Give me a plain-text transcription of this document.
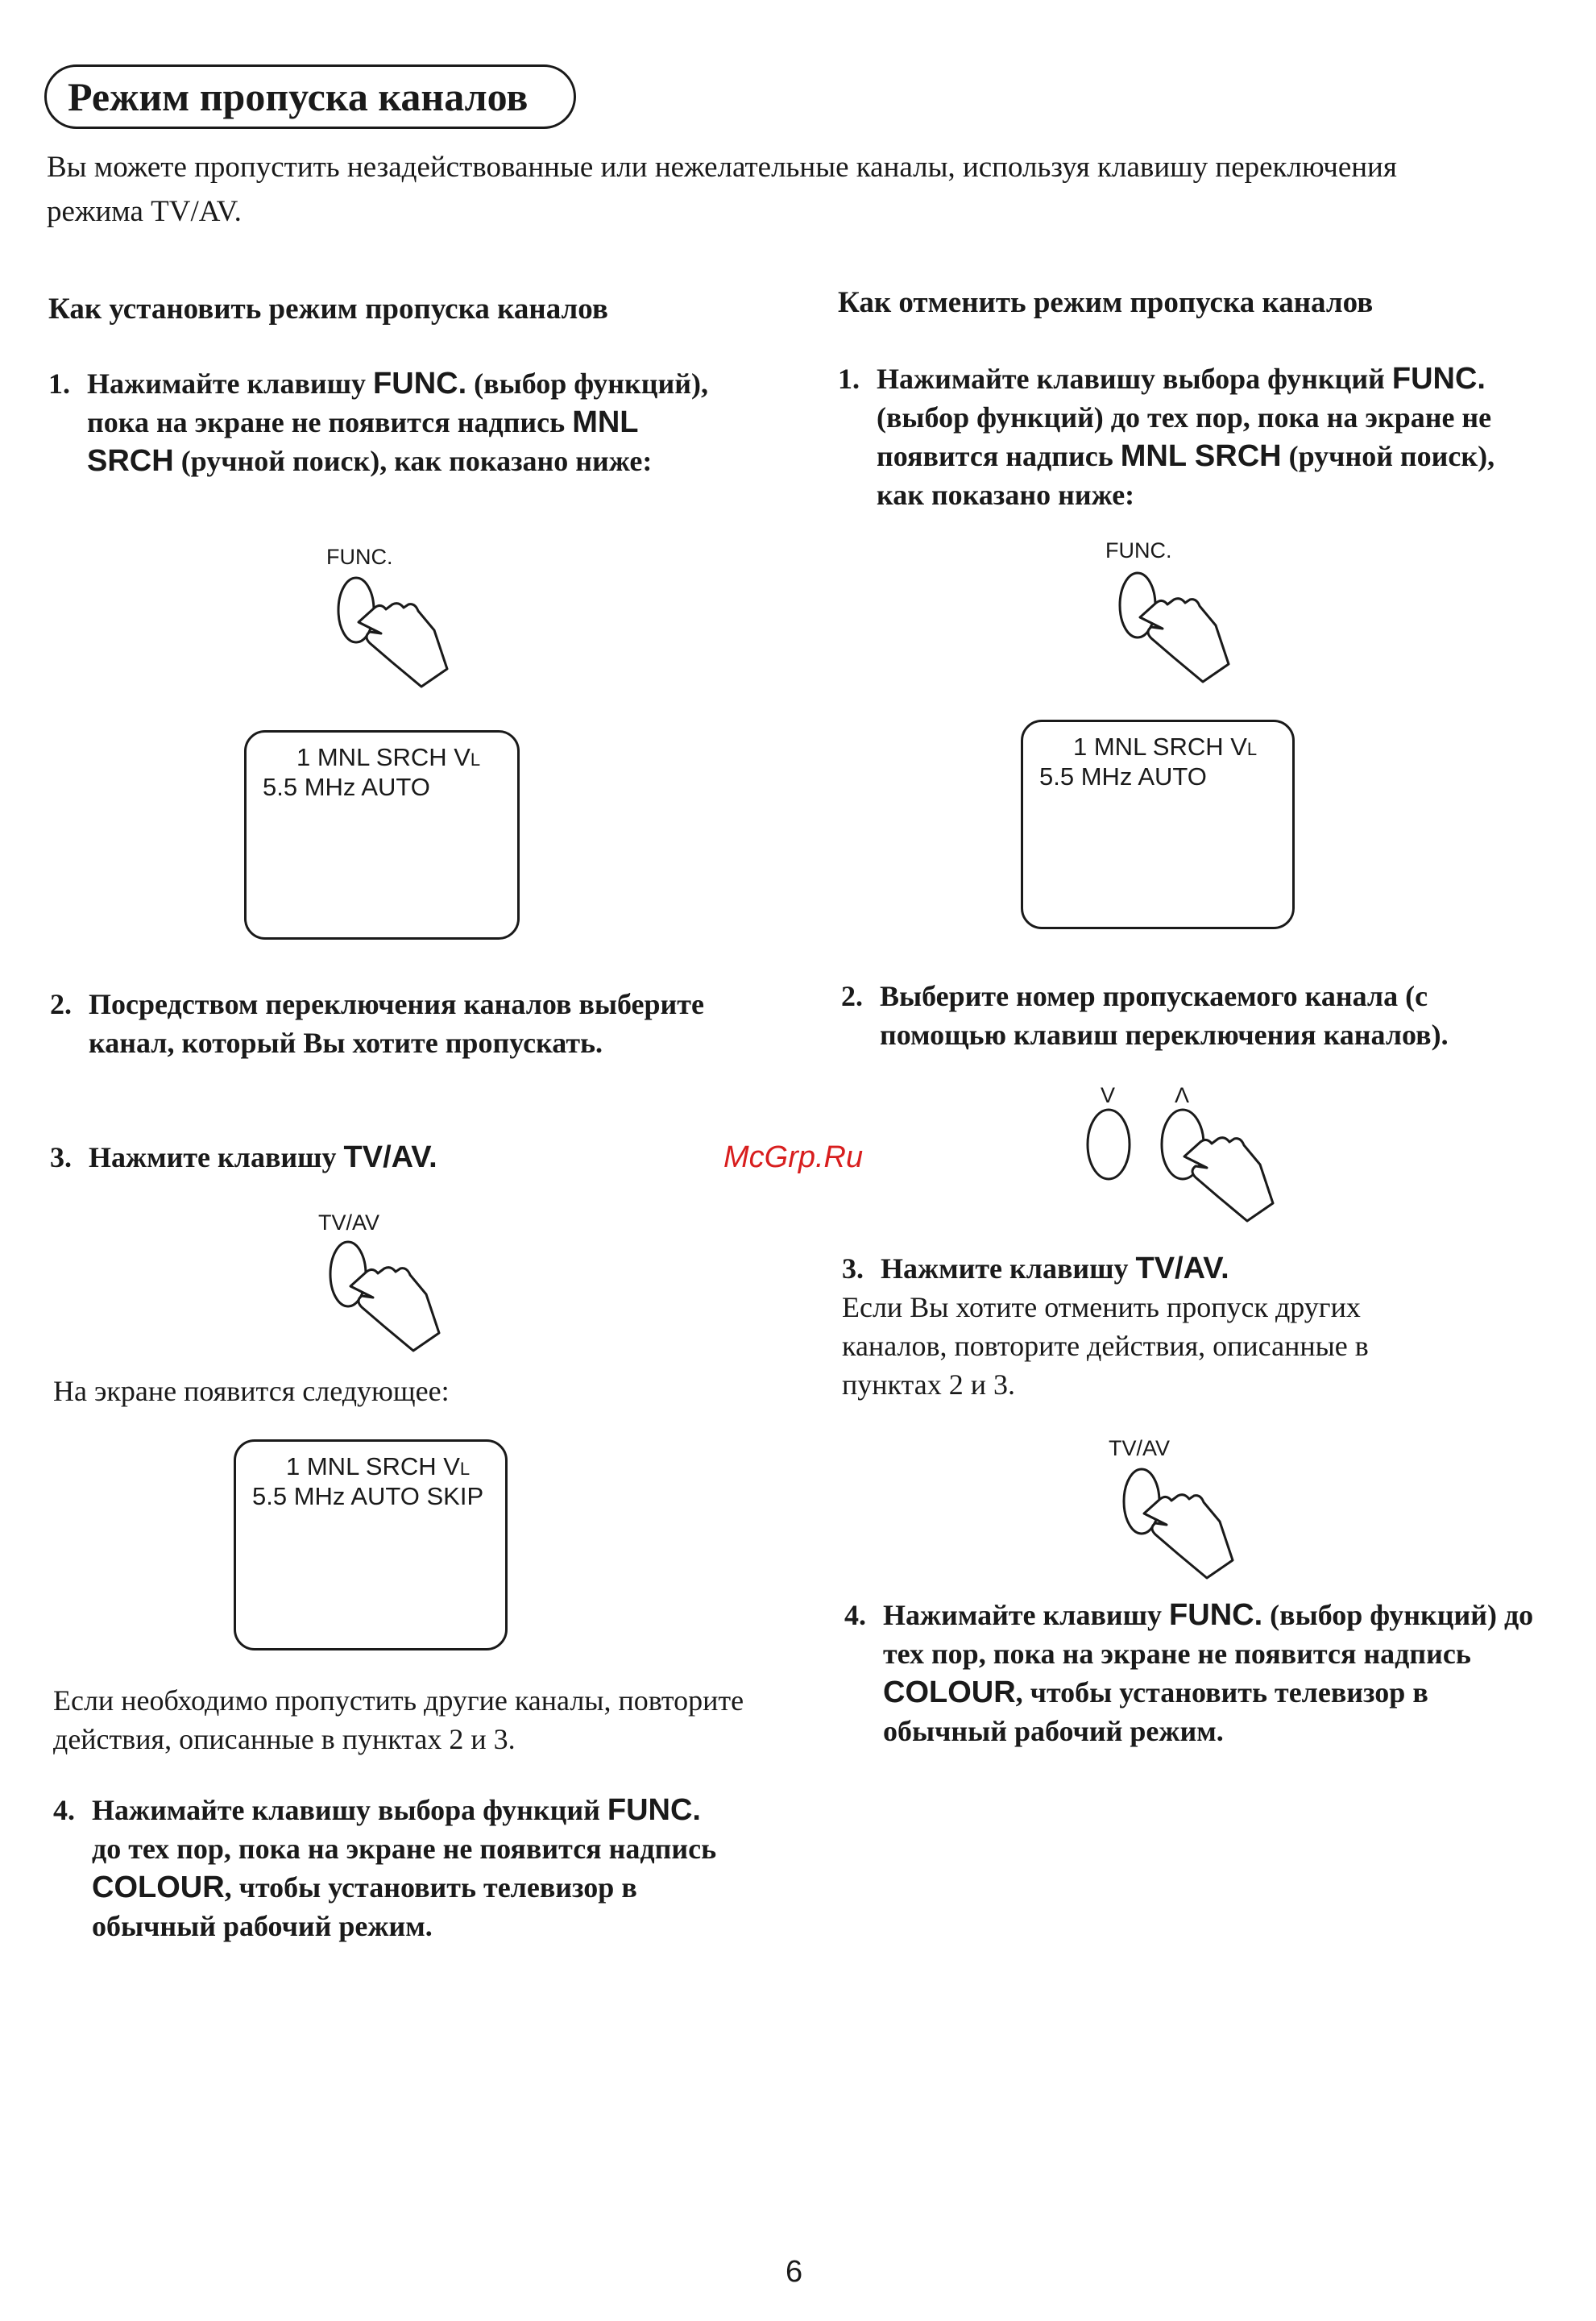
Режим пропуска каналов
Вы можете пропустить незадействованные или нежелательные каналы, используя клавишу переключения режима TV/AV.
Как установить режим пропуска каналов
1. Нажимайте клавишу FUNC. (выбор функций), пока на экране не появится надпись MNL SRCH (ручной поиск), как показано ниже:
FUNC.
1 MNL SRCH VL
5.5 MHz AUTO
2. Посредством переключения каналов выберите канал, который Вы хотите пропускать.
3. Нажмите клавишу TV/AV.
TV/AV
На экране появится следующее:
1 MNL SRCH VL
5.5 MHz AUTO SKIP
Если необходимо пропустить другие каналы, повторите действия, описанные в пунктах 2 и 3.
4. Нажимайте клавишу выбора функций FUNC. до тех пор, пока на экране не появится надпись COLOUR, чтобы установить телевизор в обычный рабочий режим.
Как отменить режим пропуска каналов
1. Нажимайте клавишу выбора функций FUNC. (выбор функций) до тех пор, пока на экране не появится надпись MNL SRCH (ручной поиск), как показано ниже:
FUNC.
1 MNL SRCH VL
5.5 MHz AUTO
2. Выберите номер пропускаемого канала (с помощью клавиш переключения каналов).
V	Λ
3. Нажмите клавишу TV/AV.
Если Вы хотите отменить пропуск других каналов, повторите действия, описанные в пунктах 2 и 3.
TV/AV
4. Нажимайте клавишу FUNC. (выбор функций) до тех пор, пока на экране не появится надпись COLOUR, чтобы установить телевизор в обычный рабочий режим.
McGrp.Ru
6
